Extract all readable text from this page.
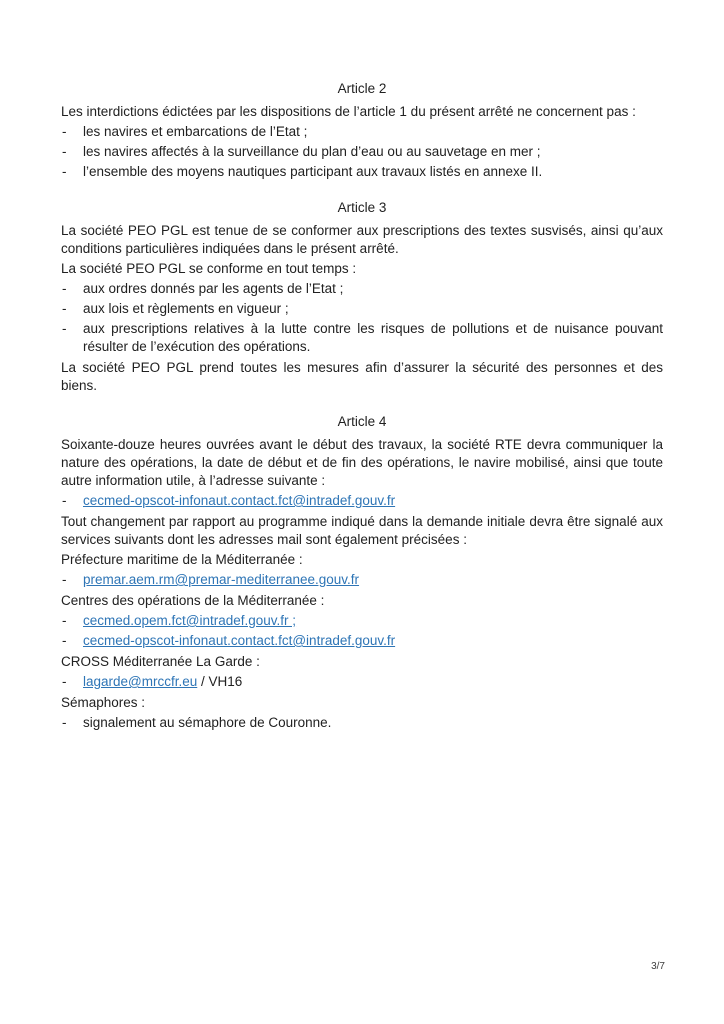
Article 2

Les interdictions édictées par les dispositions de l’article 1 du présent arrêté ne concernent pas :

- les navires et embarcations de l’Etat ;
- les navires affectés à la surveillance du plan d’eau ou au sauvetage en mer ;
- l’ensemble des moyens nautiques participant aux travaux listés en annexe II.
Article 3

La société PEO PGL est tenue de se conformer aux prescriptions des textes susvisés, ainsi qu’aux conditions particulières indiquées dans le présent arrêté.

La société PEO PGL se conforme en tout temps :

- aux ordres donnés par les agents de l’Etat ;
- aux lois et règlements en vigueur ;
- aux prescriptions relatives à la lutte contre les risques de pollutions et de nuisance pouvant résulter de l’exécution des opérations.

La société PEO PGL prend toutes les mesures afin d’assurer la sécurité des personnes et des biens.

Article 4

Soixante-douze heures ouvrées avant le début des travaux, la société RTE devra communiquer la nature des opérations, la date de début et de fin des opérations, le navire mobilisé, ainsi que toute autre information utile, à l’adresse suivante :

- cecmed-opscot-infonaut.contact.fct@intradef.gouv.fr

Tout changement par rapport au programme indiqué dans la demande initiale devra être signalé aux services suivants dont les adresses mail sont également précisées :

Préfecture maritime de la Méditerranée :

- premar.aem.rm@premar-mediterranee.gouv.fr

Centres des opérations de la Méditerranée :

- cecmed.opem.fct@intradef.gouv.fr ;
- cecmed-opscot-infonaut.contact.fct@intradef.gouv.fr

CROSS Méditerranée La Garde :

- lagarde@mrccfr.eu / VH16

Sémaphores :

- signalement au sémaphore de Couronne.
3/7
